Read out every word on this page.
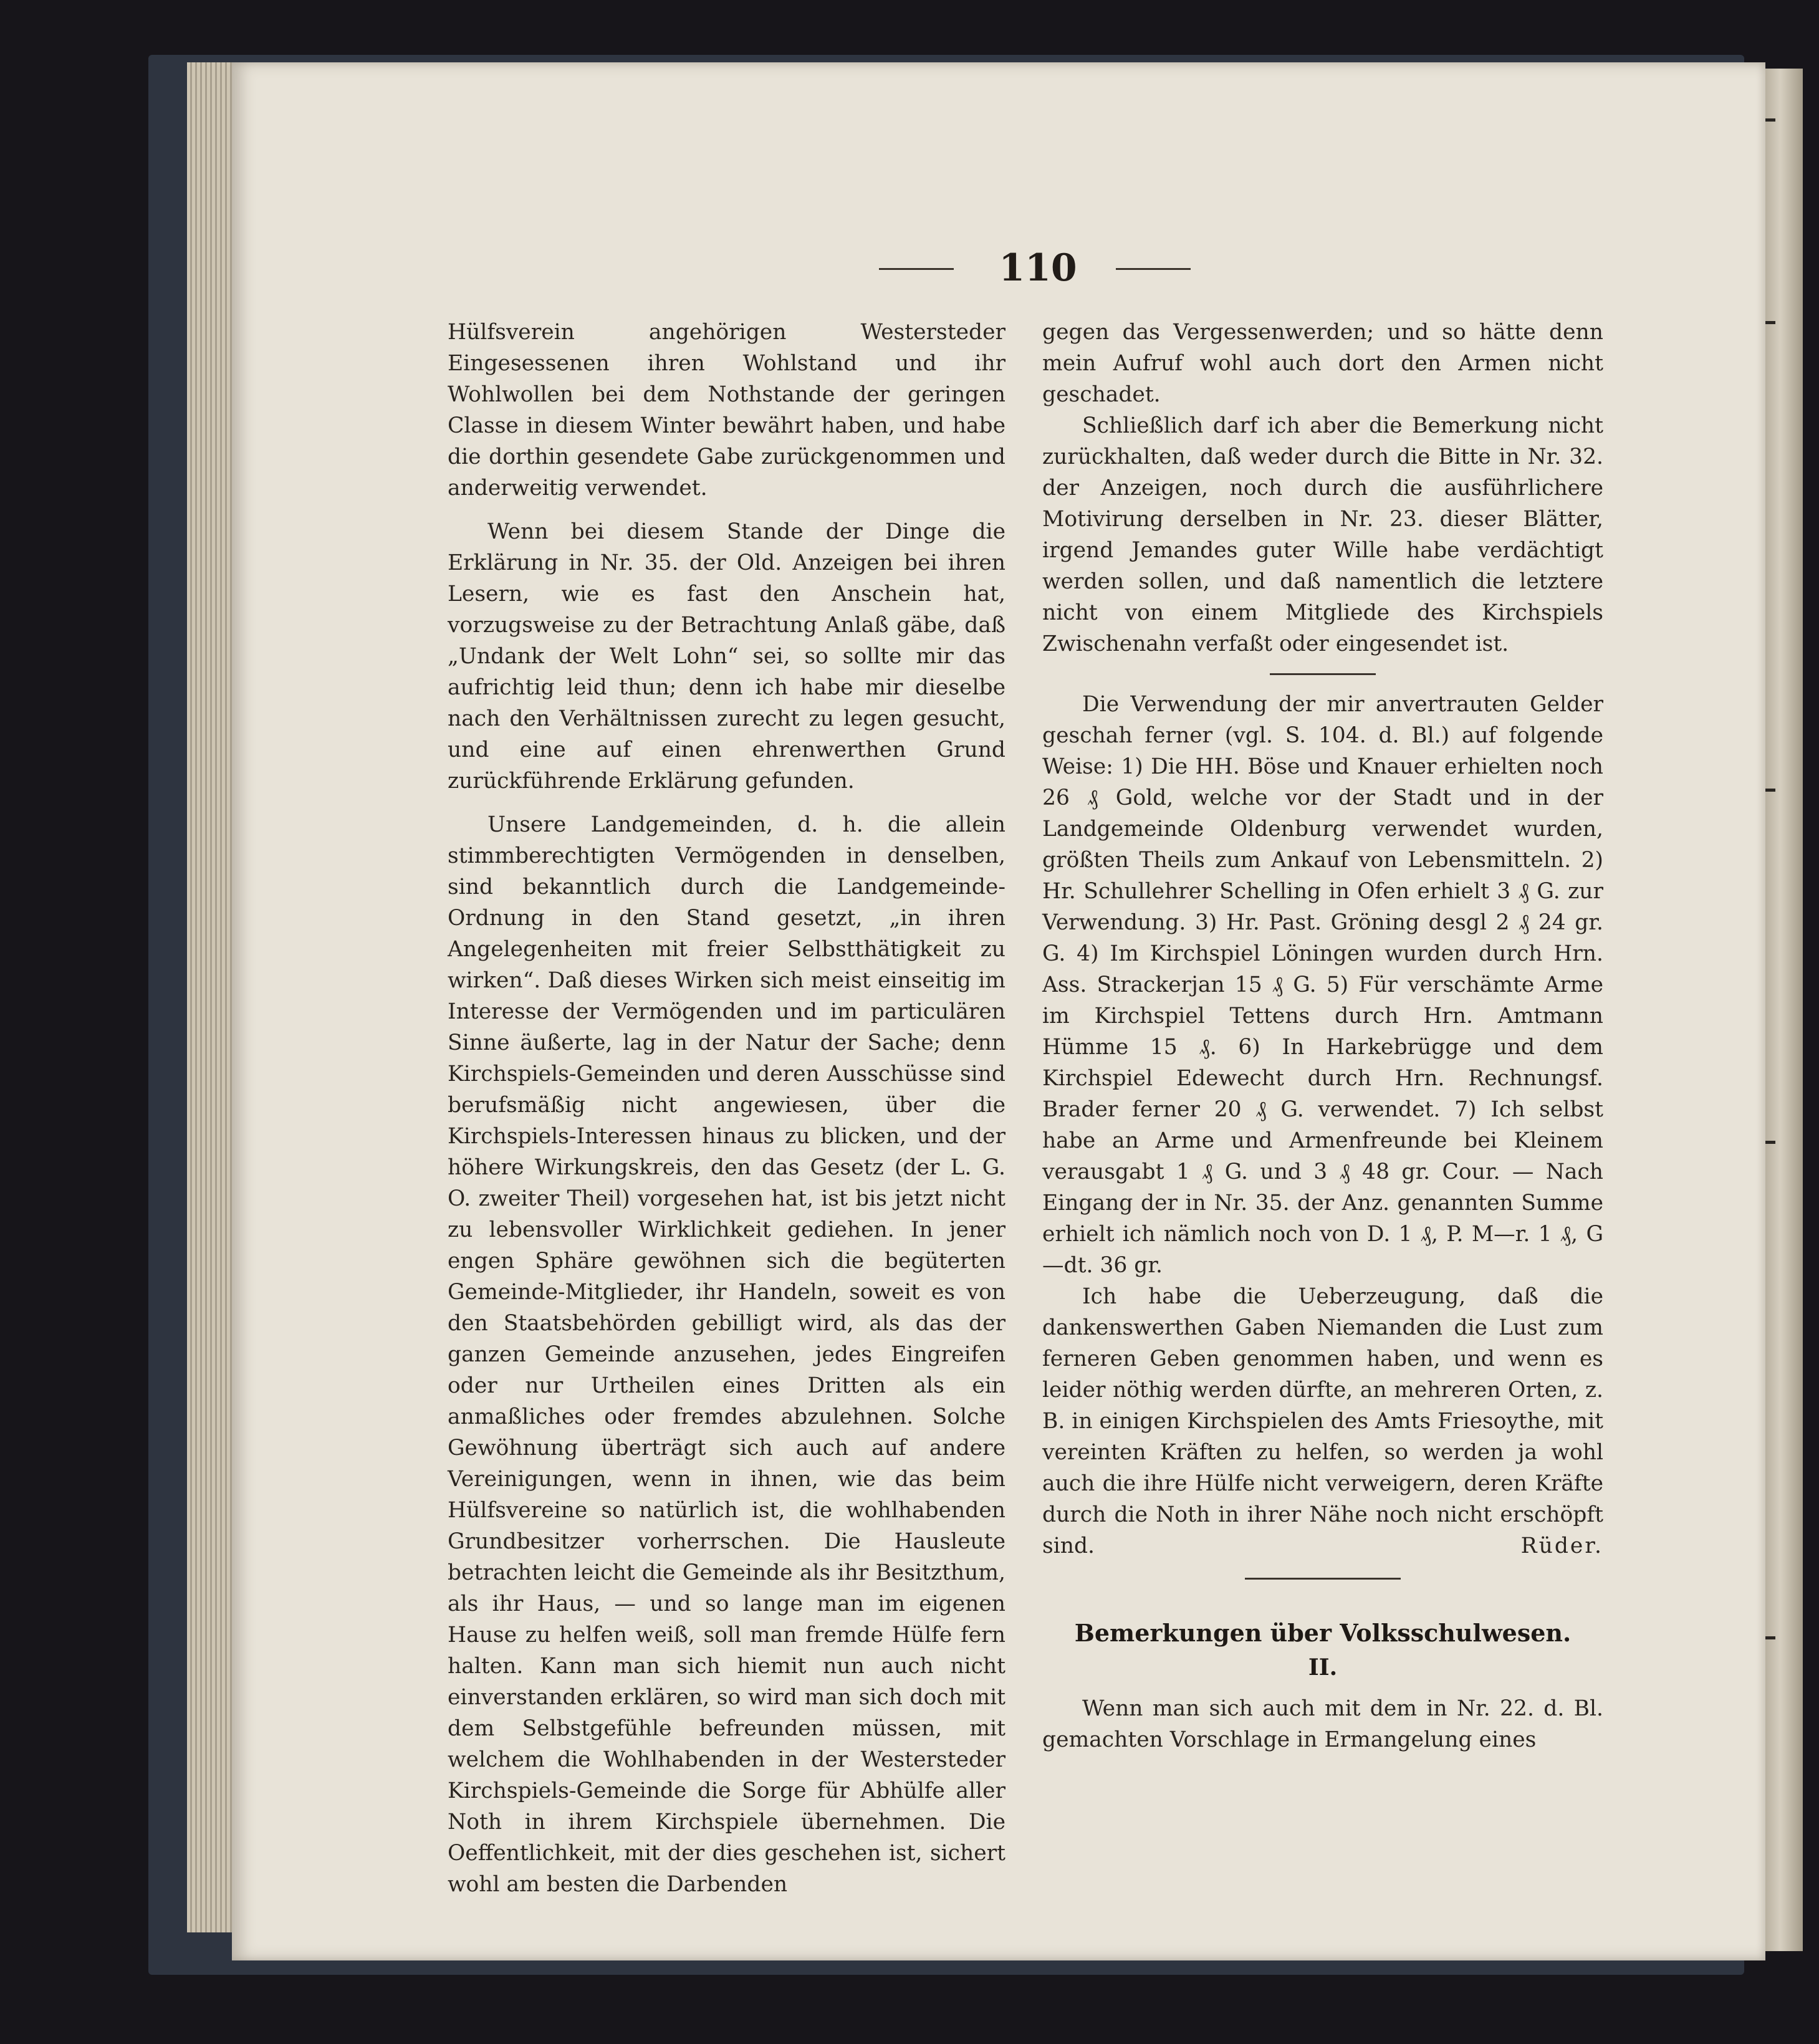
110

Hülfsverein angehörigen Westersteder Eingesessenen ihren Wohlstand und ihr Wohlwollen bei dem Nothstande der geringen Classe in diesem Winter bewährt haben, und habe die dorthin gesendete Gabe zurückgenommen und anderweitig verwendet.

Wenn bei diesem Stande der Dinge die Erklärung in Nr. 35. der Old. Anzeigen bei ihren Lesern, wie es fast den Anschein hat, vorzugsweise zu der Betrachtung Anlaß gäbe, daß „Undank der Welt Lohn“ sei, so sollte mir das aufrichtig leid thun; denn ich habe mir dieselbe nach den Verhältnissen zurecht zu legen gesucht, und eine auf einen ehrenwerthen Grund zurückführende Erklärung gefunden.

Unsere Landgemeinden, d. h. die allein stimmberechtigten Vermögenden in denselben, sind bekanntlich durch die Landgemeinde-Ordnung in den Stand gesetzt, „in ihren Angelegenheiten mit freier Selbstthätigkeit zu wirken“. Daß dieses Wirken sich meist einseitig im Interesse der Vermögenden und im particulären Sinne äußerte, lag in der Natur der Sache; denn Kirchspiels-Gemeinden und deren Ausschüsse sind berufsmäßig nicht angewiesen, über die Kirchspiels-Interessen hinaus zu blicken, und der höhere Wirkungskreis, den das Gesetz (der L. G. O. zweiter Theil) vorgesehen hat, ist bis jetzt nicht zu lebensvoller Wirklichkeit gediehen. In jener engen Sphäre gewöhnen sich die begüterten Gemeinde-Mitglieder, ihr Handeln, soweit es von den Staatsbehörden gebilligt wird, als das der ganzen Gemeinde anzusehen, jedes Eingreifen oder nur Urtheilen eines Dritten als ein anmaßliches oder fremdes abzulehnen. Solche Gewöhnung überträgt sich auch auf andere Vereinigungen, wenn in ihnen, wie das beim Hülfsvereine so natürlich ist, die wohlhabenden Grundbesitzer vorherrschen. Die Hausleute betrachten leicht die Gemeinde als ihr Besitzthum, als ihr Haus, — und so lange man im eigenen Hause zu helfen weiß, soll man fremde Hülfe fern halten. Kann man sich hiemit nun auch nicht einverstanden erklären, so wird man sich doch mit dem Selbstgefühle befreunden müssen, mit welchem die Wohlhabenden in der Westersteder Kirchspiels-Gemeinde die Sorge für Abhülfe aller Noth in ihrem Kirchspiele übernehmen. Die Oeffentlichkeit, mit der dies geschehen ist, sichert wohl am besten die Darbenden

gegen das Vergessenwerden; und so hätte denn mein Aufruf wohl auch dort den Armen nicht geschadet.

Schließlich darf ich aber die Bemerkung nicht zurückhalten, daß weder durch die Bitte in Nr. 32. der Anzeigen, noch durch die ausführlichere Motivirung derselben in Nr. 23. dieser Blätter, irgend Jemandes guter Wille habe verdächtigt werden sollen, und daß namentlich die letztere nicht von einem Mitgliede des Kirchspiels Zwischenahn verfaßt oder eingesendet ist.

Die Verwendung der mir anvertrauten Gelder geschah ferner (vgl. S. 104. d. Bl.) auf folgende Weise: 1) Die HH. Böse und Knauer erhielten noch 26 ₰ Gold, welche vor der Stadt und in der Landgemeinde Oldenburg verwendet wurden, größten Theils zum Ankauf von Lebensmitteln. 2) Hr. Schullehrer Schelling in Ofen erhielt 3 ₰ G. zur Verwendung. 3) Hr. Past. Gröning desgl 2 ₰ 24 gr. G. 4) Im Kirchspiel Löningen wurden durch Hrn. Ass. Strackerjan 15 ₰ G. 5) Für verschämte Arme im Kirchspiel Tettens durch Hrn. Amtmann Hümme 15 ₰. 6) In Harkebrügge und dem Kirchspiel Edewecht durch Hrn. Rechnungsf. Brader ferner 20 ₰ G. verwendet. 7) Ich selbst habe an Arme und Armenfreunde bei Kleinem verausgabt 1 ₰ G. und 3 ₰ 48 gr. Cour. — Nach Eingang der in Nr. 35. der Anz. genannten Summe erhielt ich nämlich noch von D. 1 ₰, P. M—r. 1 ₰, G—dt. 36 gr.

Ich habe die Ueberzeugung, daß die dankenswerthen Gaben Niemanden die Lust zum ferneren Geben genommen haben, und wenn es leider nöthig werden dürfte, an mehreren Orten, z. B. in einigen Kirchspielen des Amts Friesoythe, mit vereinten Kräften zu helfen, so werden ja wohl auch die ihre Hülfe nicht verweigern, deren Kräfte durch die Noth in ihrer Nähe noch nicht erschöpft sind.	Rüder.

Bemerkungen über Volksschulwesen.
II.

Wenn man sich auch mit dem in Nr. 22. d. Bl. gemachten Vorschlage in Ermangelung eines
